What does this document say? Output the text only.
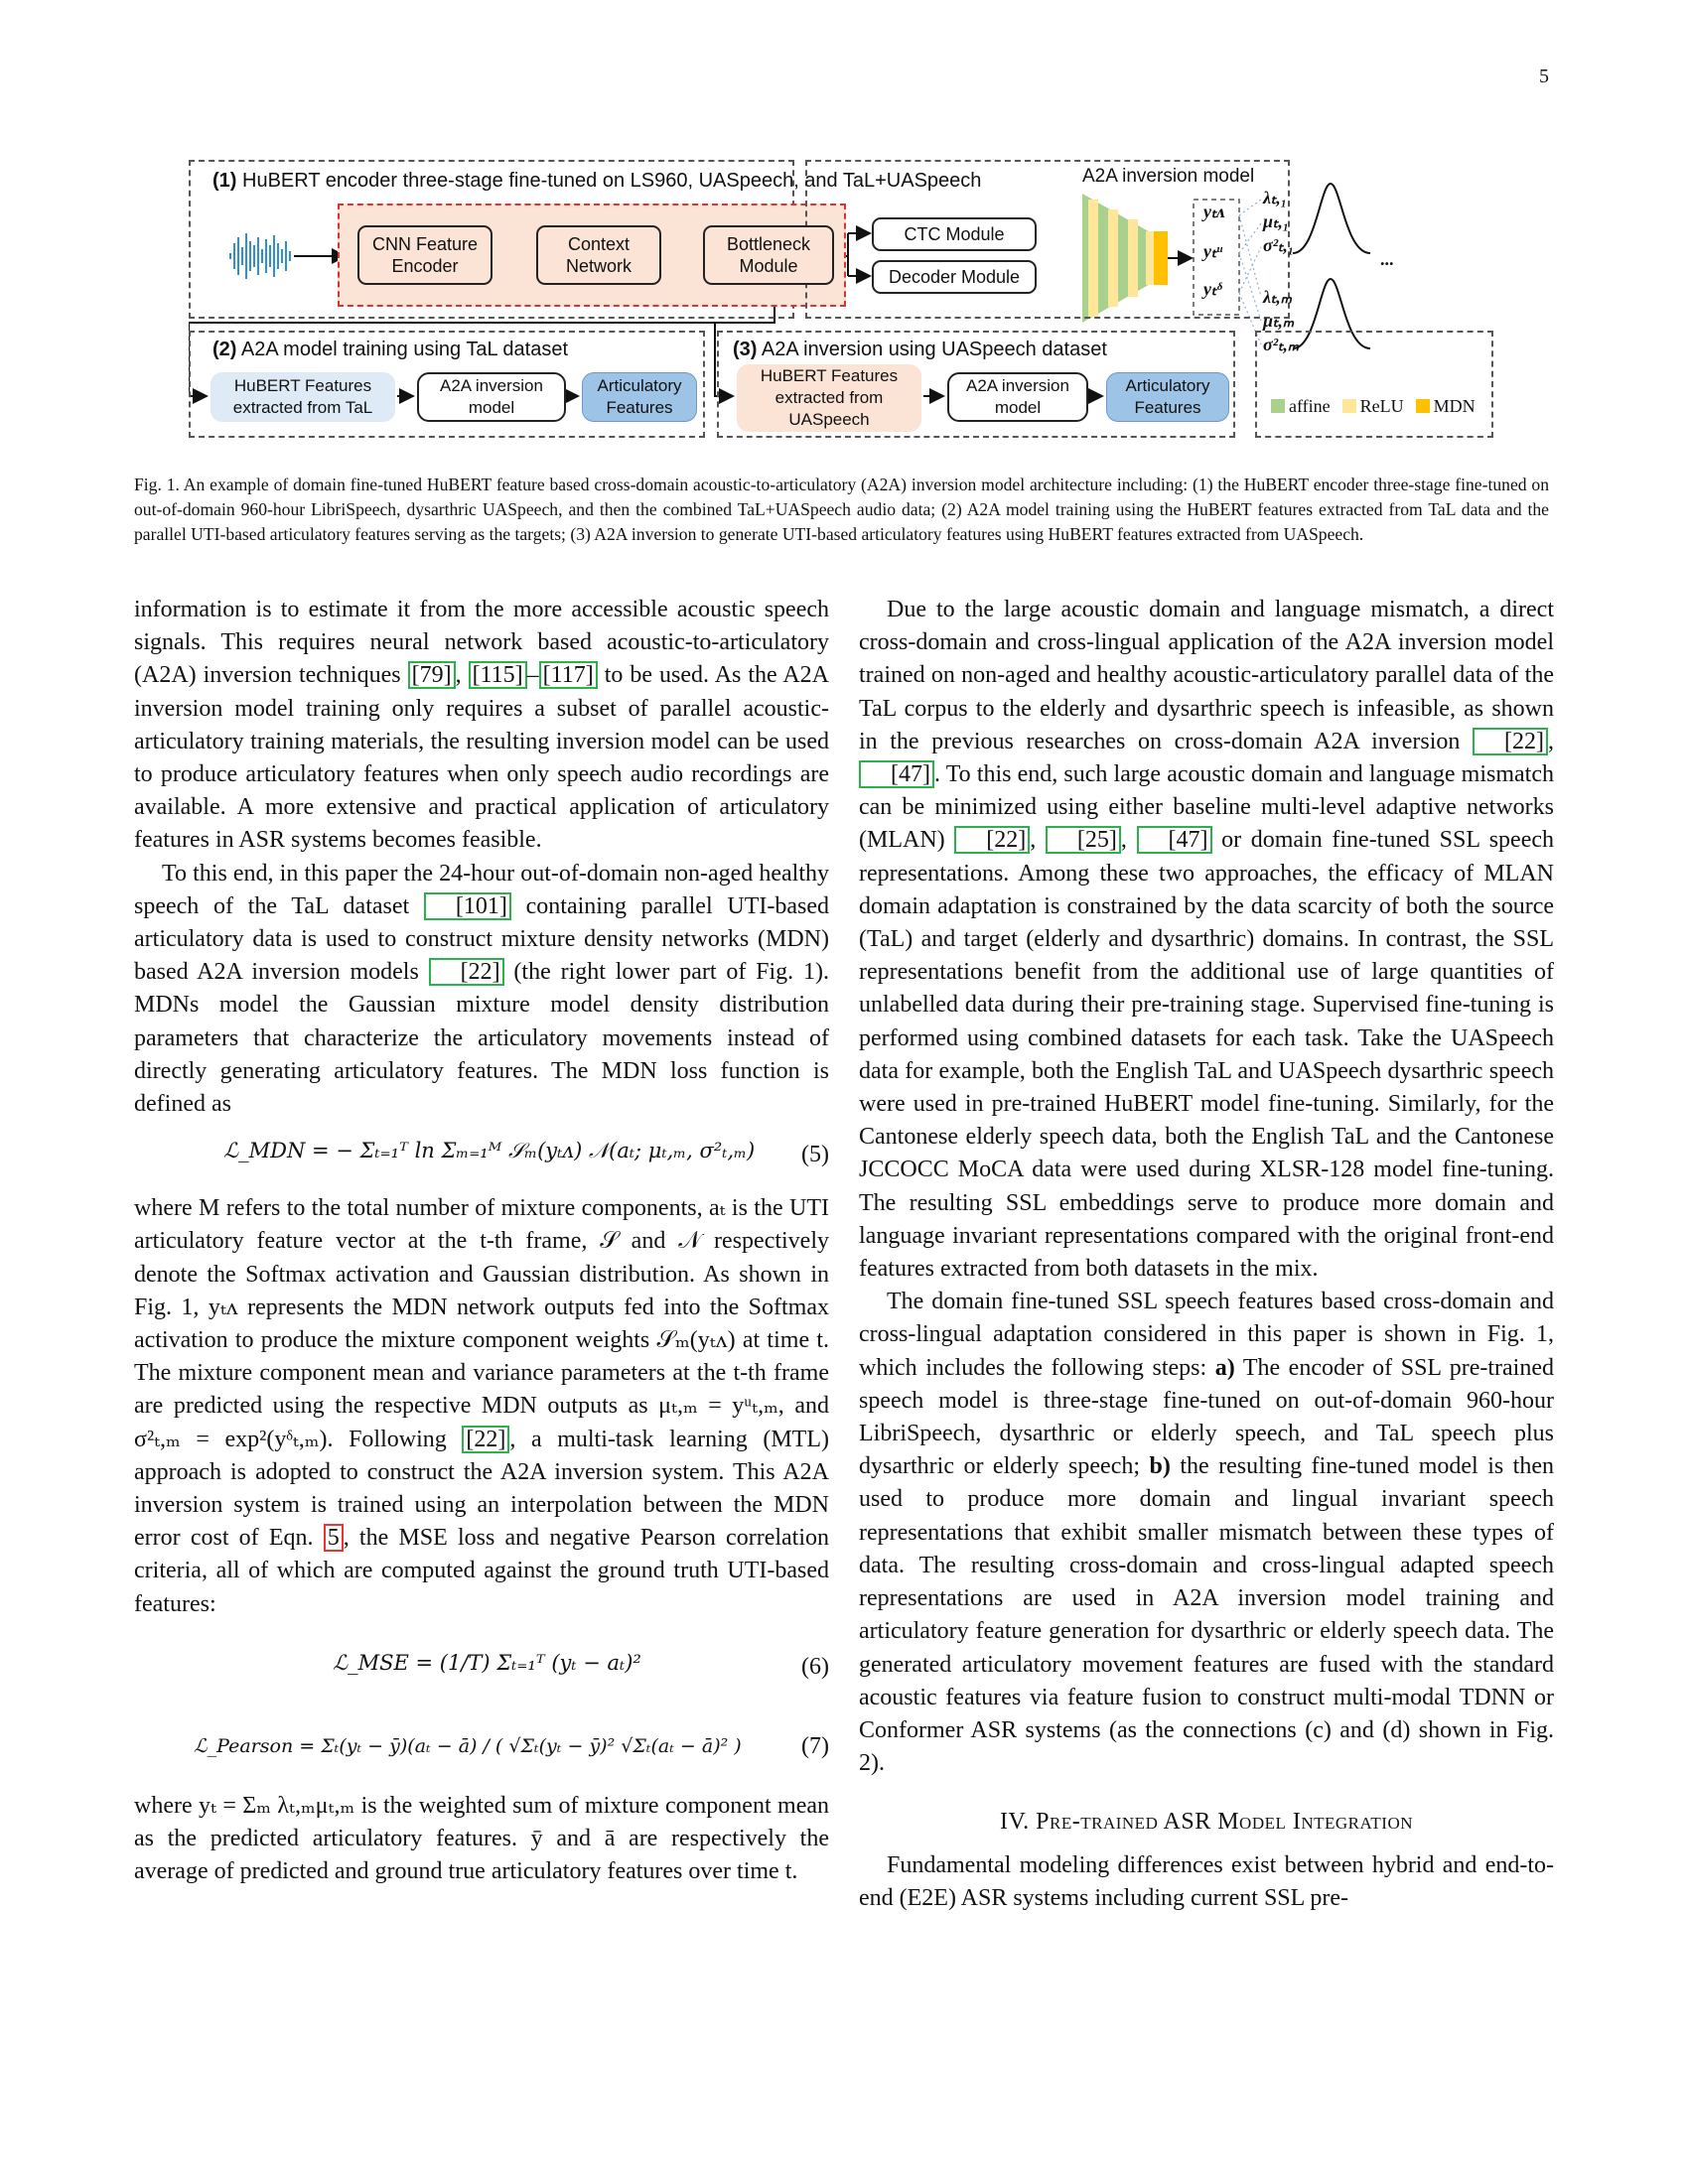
5
(1) HuBERT encoder three-stage fine-tuned on LS960, UASpeech, and TaL+UASpeech
CNN Feature Encoder
Context Network
Bottleneck Module
CTC Module
Decoder Module
A2A inversion model
yₜᴧ
yₜᵘ
yₜᵟ
λₜ,₁
μₜ,₁
σ²ₜ,₁
...
λₜ,ₘ
μₜ,ₘ
σ²ₜ,ₘ
(2) A2A model training using TaL dataset
HuBERT Features extracted from TaL
A2A inversion model
Articulatory Features
(3) A2A inversion using UASpeech dataset
HuBERT Features extracted from UASpeech
A2A inversion model
Articulatory Features	affine	ReLU	MDN
Fig. 1. An example of domain fine-tuned HuBERT feature based cross-domain acoustic-to-articulatory (A2A) inversion model architecture including: (1) the HuBERT encoder three-stage fine-tuned on out-of-domain 960-hour LibriSpeech, dysarthric UASpeech, and then the combined TaL+UASpeech audio data; (2) A2A model training using the HuBERT features extracted from TaL data and the parallel UTI-based articulatory features serving as the targets; (3) A2A inversion to generate UTI-based articulatory features using HuBERT features extracted from UASpeech.

information is to estimate it from the more accessible acoustic speech signals. This requires neural network based acoustic-to-articulatory (A2A) inversion techniques [79] , [115] – [117] to be used. As the A2A inversion model training only requires a subset of parallel acoustic-articulatory training materials, the resulting inversion model can be used to produce articulatory features when only speech audio recordings are available. A more extensive and practical application of articulatory features in ASR systems becomes feasible.

To this end, in this paper the 24-hour out-of-domain non-aged healthy speech of the TaL dataset [101] containing parallel UTI-based articulatory data is used to construct mixture density networks (MDN) based A2A inversion models [22] (the right lower part of Fig. 1). MDNs model the Gaussian mixture model density distribution parameters that characterize the articulatory movements instead of directly generating articulatory features. The MDN loss function is defined as

ℒ_MDN = − Σₜ₌₁ᵀ ln Σₘ₌₁ᴹ 𝒮ₘ(yₜᴧ) 𝒩(aₜ; μₜ,ₘ, σ²ₜ,ₘ) (5)

where M refers to the total number of mixture components, aₜ is the UTI articulatory feature vector at the t-th frame, 𝒮 and 𝒩 respectively denote the Softmax activation and Gaussian distribution. As shown in Fig. 1, yₜᴧ represents the MDN network outputs fed into the Softmax activation to produce the mixture component weights 𝒮ₘ(yₜᴧ) at time t. The mixture component mean and variance parameters at the t-th frame are predicted using the respective MDN outputs as μₜ,ₘ = yᵘₜ,ₘ, and σ²ₜ,ₘ = exp²(yᵟₜ,ₘ). Following [22] , a multi-task learning (MTL) approach is adopted to construct the A2A inversion system. This A2A inversion system is trained using an interpolation between the MDN error cost of Eqn. 5 , the MSE loss and negative Pearson correlation criteria, all of which are computed against the ground truth UTI-based features:

ℒ_MSE = (1/T) Σₜ₌₁ᵀ (yₜ − aₜ)²	(6)
ℒ_Pearson = Σₜ(yₜ − ȳ)(aₜ − ā) / ( √Σₜ(yₜ − ȳ)² √Σₜ(aₜ − ā)² )	(7)

where yₜ = Σₘ λₜ,ₘμₜ,ₘ is the weighted sum of mixture component mean as the predicted articulatory features. ȳ and ā are respectively the average of predicted and ground true articulatory features over time t.

Due to the large acoustic domain and language mismatch, a direct cross-domain and cross-lingual application of the A2A inversion model trained on non-aged and healthy acoustic-articulatory parallel data of the TaL corpus to the elderly and dysarthric speech is infeasible, as shown in the previous researches on cross-domain A2A inversion [22] , [47] . To this end, such large acoustic domain and language mismatch can be minimized using either baseline multi-level adaptive networks (MLAN) [22] , [25] , [47] or domain fine-tuned SSL speech representations. Among these two approaches, the efficacy of MLAN domain adaptation is constrained by the data scarcity of both the source (TaL) and target (elderly and dysarthric) domains. In contrast, the SSL representations benefit from the additional use of large quantities of unlabelled data during their pre-training stage. Supervised fine-tuning is performed using combined datasets for each task. Take the UASpeech data for example, both the English TaL and UASpeech dysarthric speech were used in pre-trained HuBERT model fine-tuning. Similarly, for the Cantonese elderly speech data, both the English TaL and the Cantonese JCCOCC MoCA data were used during XLSR-128 model fine-tuning. The resulting SSL embeddings serve to produce more domain and language invariant representations compared with the original front-end features extracted from both datasets in the mix.

The domain fine-tuned SSL speech features based cross-domain and cross-lingual adaptation considered in this paper is shown in Fig. 1, which includes the following steps: a) The encoder of SSL pre-trained speech model is three-stage fine-tuned on out-of-domain 960-hour LibriSpeech, dysarthric or elderly speech, and TaL speech plus dysarthric or elderly speech; b) the resulting fine-tuned model is then used to produce more domain and lingual invariant speech representations that exhibit smaller mismatch between these types of data. The resulting cross-domain and cross-lingual adapted speech representations are used in A2A inversion model training and articulatory feature generation for dysarthric or elderly speech data. The generated articulatory movement features are fused with the standard acoustic features via feature fusion to construct multi-modal TDNN or Conformer ASR systems (as the connections (c) and (d) shown in Fig. 2).

IV. Pre-trained ASR Model Integration

Fundamental modeling differences exist between hybrid and end-to-end (E2E) ASR systems including current SSL pre-
